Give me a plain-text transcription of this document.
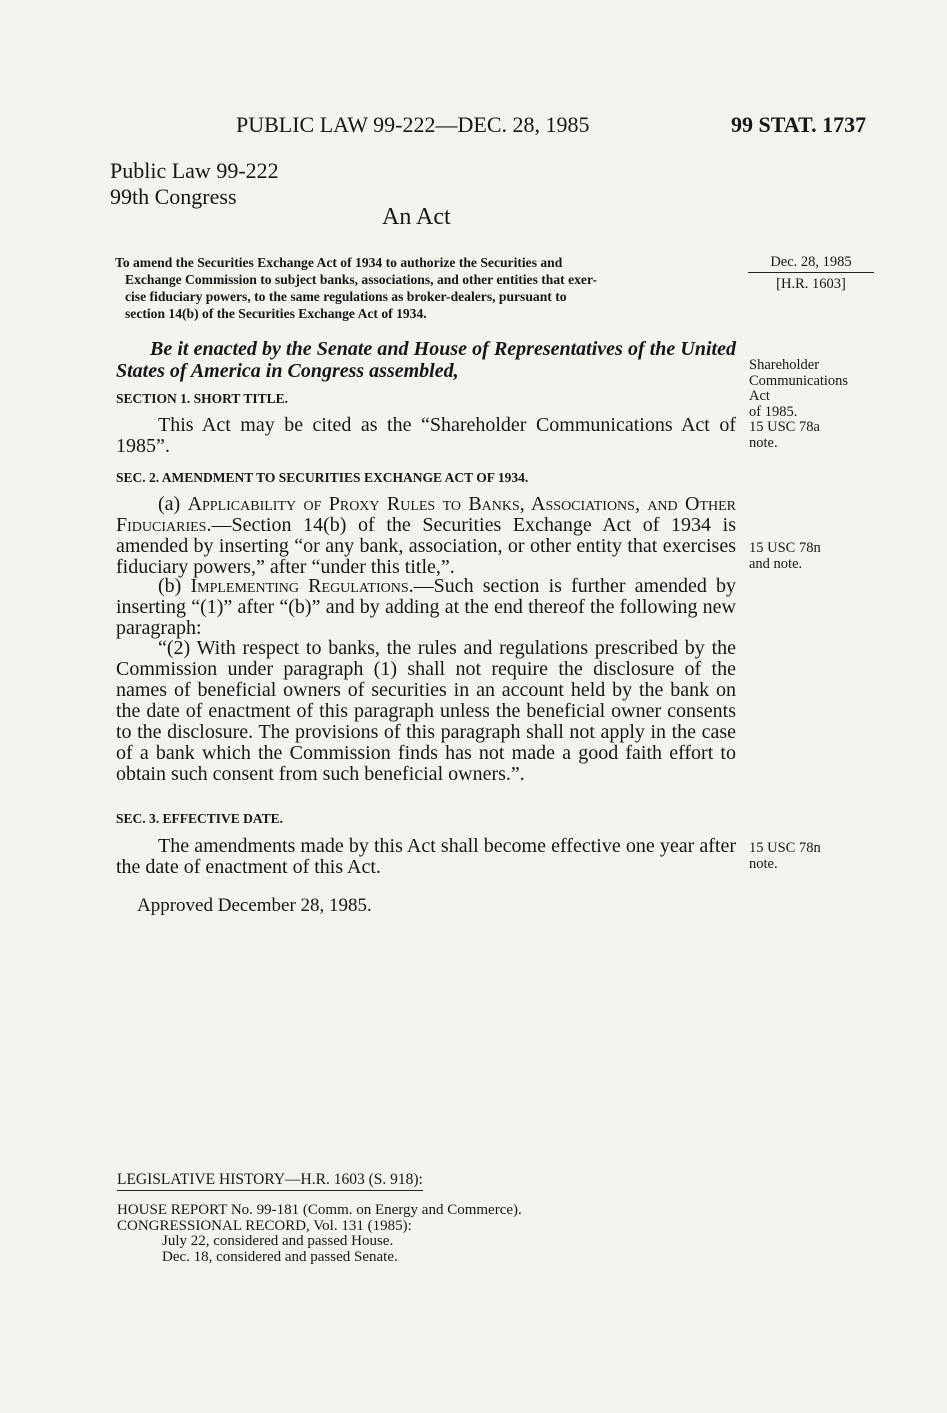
PUBLIC LAW 99-222—DEC. 28, 1985	99 STAT. 1737
Public Law 99-222
99th Congress
An Act
To amend the Securities Exchange Act of 1934 to authorize the Securities and
Exchange Commission to subject banks, associations, and other entities that exer-
cise fiduciary powers, to the same regulations as broker-dealers, pursuant to
section 14(b) of the Securities Exchange Act of 1934.
Dec. 28, 1985
[H.R. 1603]
Be it enacted by the Senate and House of Representatives of the United States of America in Congress assembled,
SECTION 1. SHORT TITLE.
This Act may be cited as the “Shareholder Communications Act of 1985”.
Shareholder
Communications
Act
of 1985.
15 USC 78a
note.
SEC. 2. AMENDMENT TO SECURITIES EXCHANGE ACT OF 1934.
(a) Applicability of Proxy Rules to Banks, Associations, and Other Fiduciaries.—Section 14(b) of the Securities Exchange Act of 1934 is amended by inserting “or any bank, association, or other entity that exercises fiduciary powers,” after “under this title,”.
(b) Implementing Regulations.—Such section is further amended by inserting “(1)” after “(b)” and by adding at the end thereof the following new paragraph:
“(2) With respect to banks, the rules and regulations prescribed by the Commission under paragraph (1) shall not require the disclosure of the names of beneficial owners of securities in an account held by the bank on the date of enactment of this paragraph unless the beneficial owner consents to the disclosure. The provisions of this paragraph shall not apply in the case of a bank which the Commission finds has not made a good faith effort to obtain such consent from such beneficial owners.”.
15 USC 78n
and note.
SEC. 3. EFFECTIVE DATE.
The amendments made by this Act shall become effective one year after the date of enactment of this Act.
15 USC 78n
note.
Approved December 28, 1985.
LEGISLATIVE HISTORY—H.R. 1603 (S. 918):
HOUSE REPORT No. 99-181 (Comm. on Energy and Commerce).
CONGRESSIONAL RECORD, Vol. 131 (1985):
July 22, considered and passed House.
Dec. 18, considered and passed Senate.
